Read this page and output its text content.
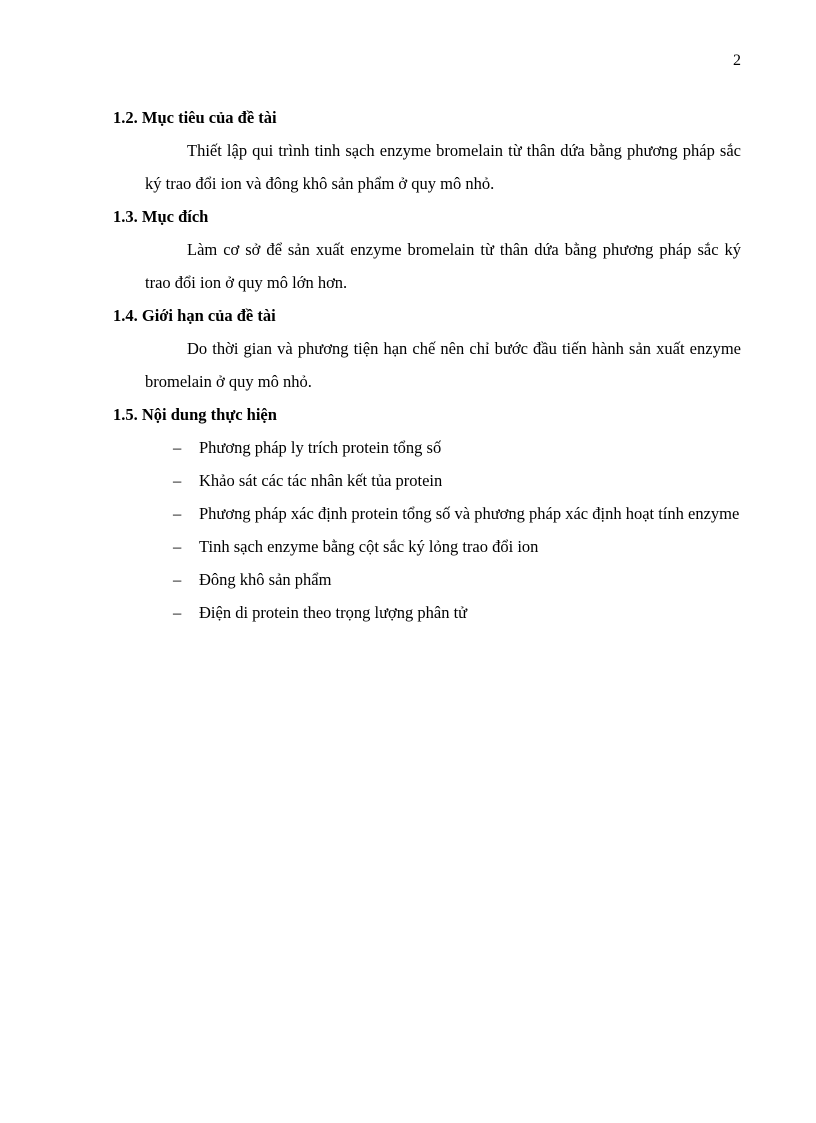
2

1.2. Mục tiêu của đề tài

Thiết lập qui trình tinh sạch enzyme bromelain từ thân dứa bằng phương pháp sắc ký trao đổi ion và đông khô sản phẩm ở quy mô nhỏ.

1.3. Mục đích

Làm cơ sở để sản xuất enzyme bromelain từ thân dứa bằng phương pháp sắc ký trao đổi ion ở quy mô lớn hơn.

1.4. Giới hạn của đề tài

Do thời gian và phương tiện hạn chế nên chỉ bước đầu tiến hành sản xuất enzyme bromelain ở quy mô nhỏ.

1.5. Nội dung thực hiện

– Phương pháp ly trích protein tổng số
– Khảo sát các tác nhân kết tủa protein
– Phương pháp xác định protein tổng số và phương pháp xác định hoạt tính enzyme
– Tinh sạch enzyme bằng cột sắc ký lỏng trao đổi ion
– Đông khô sản phẩm
– Điện di protein theo trọng lượng phân tử
